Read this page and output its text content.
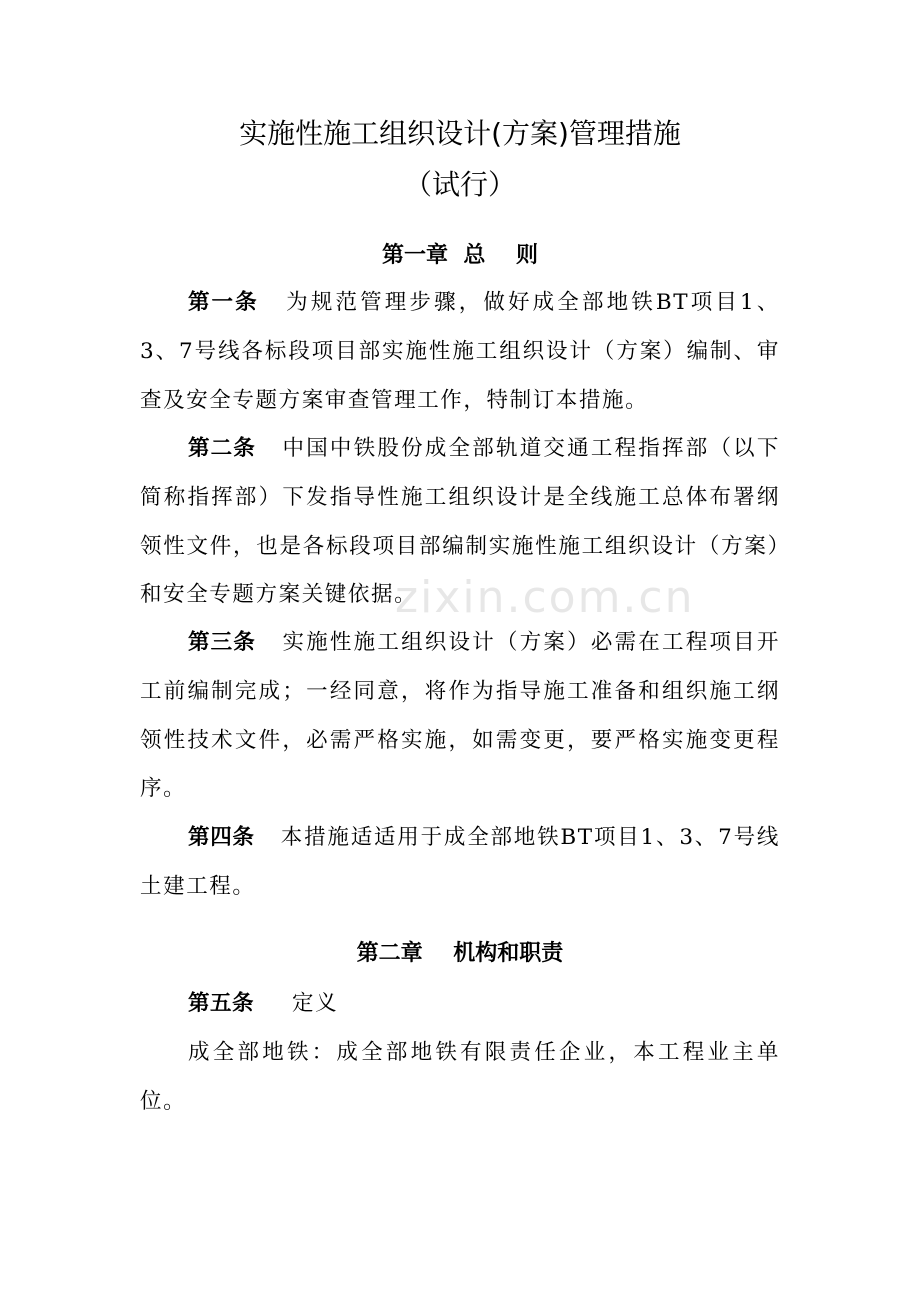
实施性施工组织设计(方案)管理措施
（试行）
第一章  总    则

第一条 为规范管理步骤，做好成全部地铁BT项目1、3、7号线各标段项目部实施性施工组织设计（方案）编制、审查及安全专题方案审查管理工作，特制订本措施。

第二条 中国中铁股份成全部轨道交通工程指挥部（以下简称指挥部）下发指导性施工组织设计是全线施工总体布署纲领性文件，也是各标段项目部编制实施性施工组织设计（方案）和安全专题方案关键依据。

第三条 实施性施工组织设计（方案）必需在工程项目开工前编制完成；一经同意，将作为指导施工准备和组织施工纲领性技术文件，必需严格实施，如需变更，要严格实施变更程序。

第四条 本措施适适用于成全部地铁BT项目1、3、7号线土建工程。

第二章    机构和职责

第五条 定义

成全部地铁：成全部地铁有限责任企业，本工程业主单位。

zixin.com.cn
